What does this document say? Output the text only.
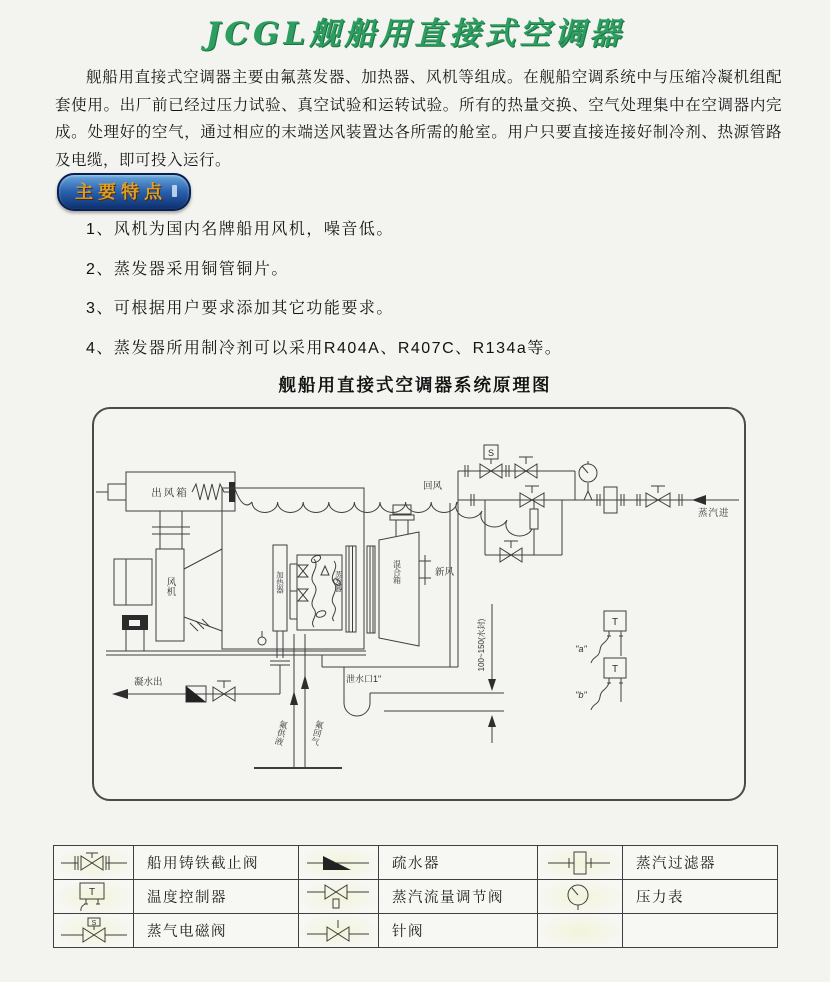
JCGL舰船用直接式空调器
舰船用直接式空调器主要由氟蒸发器、加热器、风机等组成。在舰船空调系统中与压缩冷凝机组配套使用。出厂前已经过压力试验、真空试验和运转试验。所有的热量交换、空气处理集中在空调器内完成。处理好的空气，通过相应的末端送风装置达各所需的舱室。用户只要直接连接好制冷剂、热源管路及电缆，即可投入运行。
主要特点
1、风机为国内名牌船用风机，噪音低。
2、蒸发器采用铜管铜片。
3、可根据用户要求添加其它功能要求。
4、蒸发器所用制冷剂可以采用R404A、R407C、R134a等。
舰船用直接式空调器系统原理图
出风箱
风机	加热器	蒸发器	混合箱	新风
回风
蒸汽进
S
T
T
"a"
"b"
凝水出	泄水口1"
100~150(水封)
氟供液 氟回气
	船用铸铁截止阀		疏水器		蒸汽过滤器

T	温度控制器		蒸汽流量调节阀		压力表

S	蒸气电磁阀		针阀		
